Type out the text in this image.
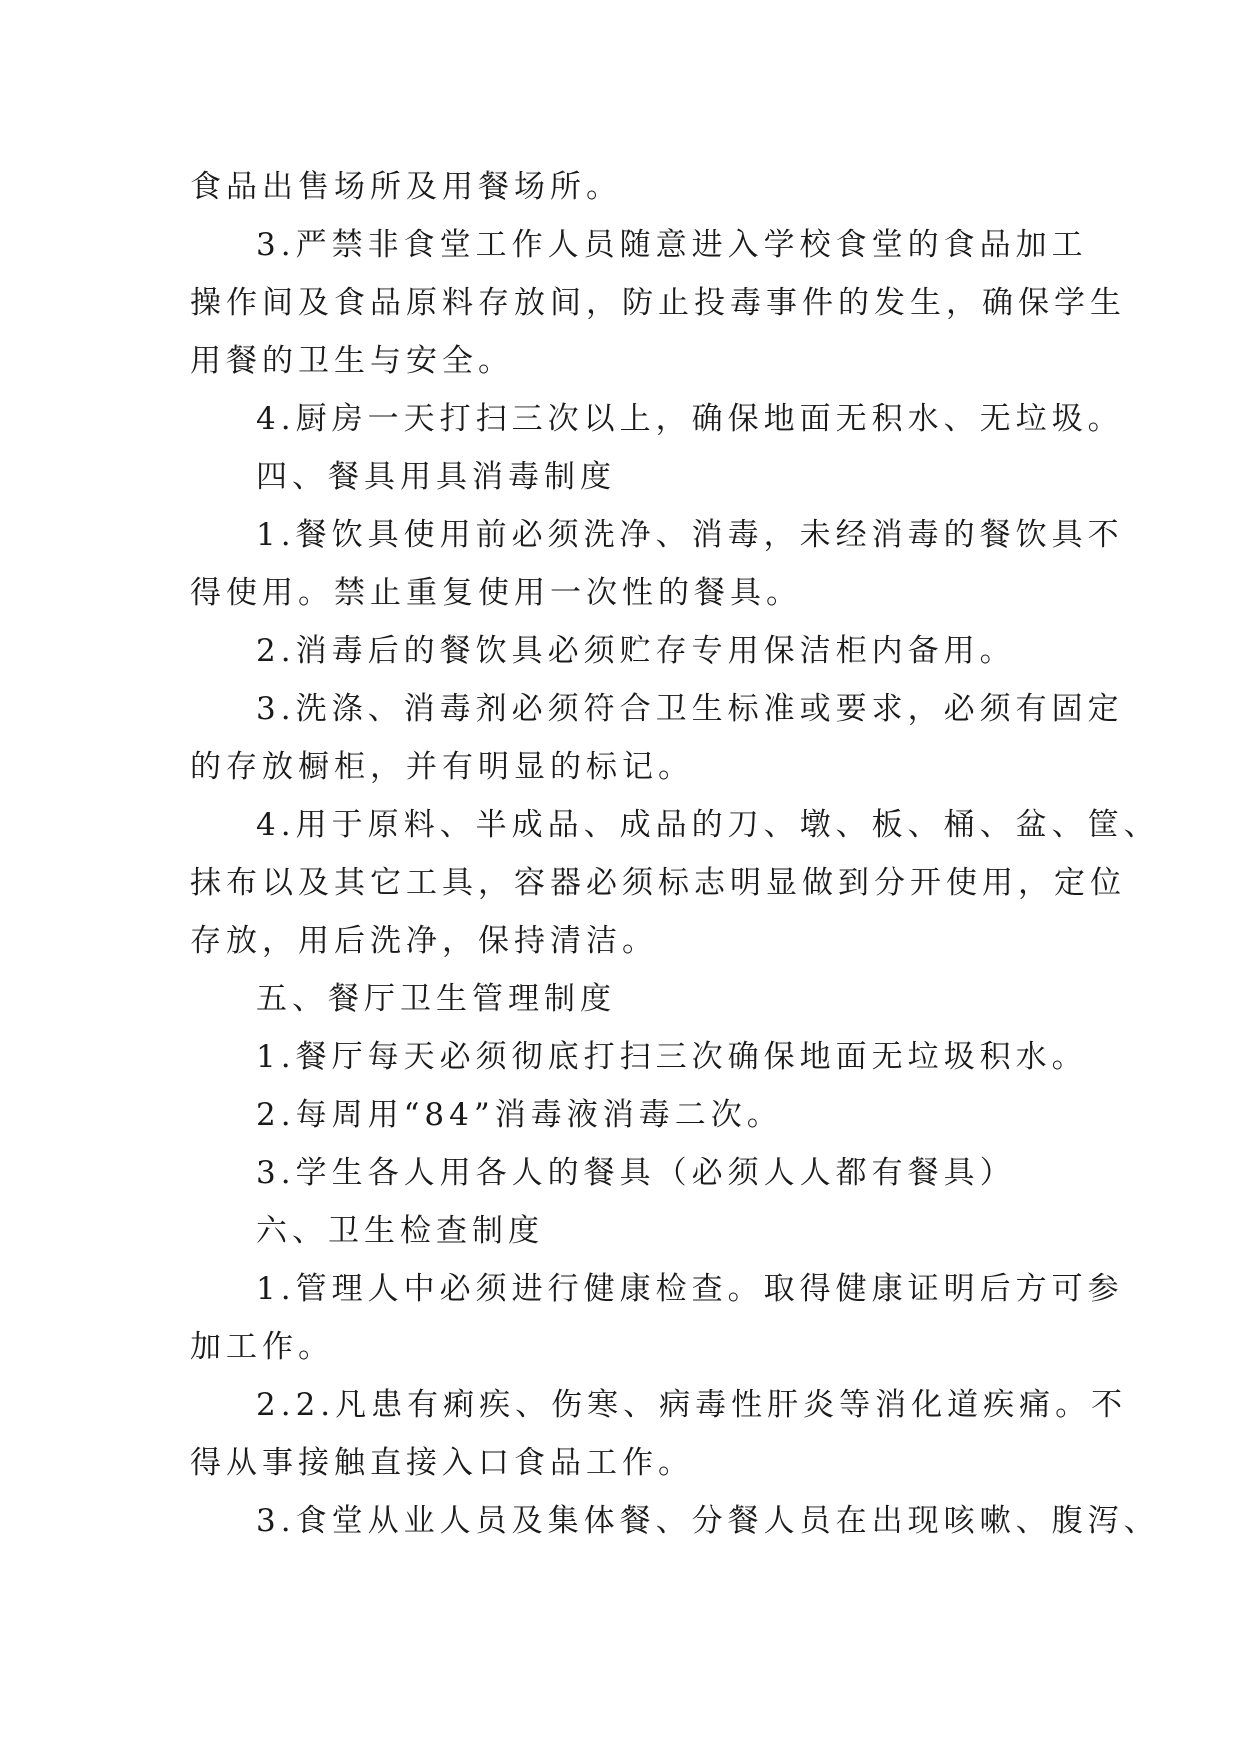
食品出售场所及用餐场所。
3.严禁非食堂工作人员随意进入学校食堂的食品加工
操作间及食品原料存放间，防止投毒事件的发生，确保学生
用餐的卫生与安全。
4.厨房一天打扫三次以上，确保地面无积水、无垃圾。
四、餐具用具消毒制度
1.餐饮具使用前必须洗净、消毒，未经消毒的餐饮具不
得使用。禁止重复使用一次性的餐具。
2.消毒后的餐饮具必须贮存专用保洁柜内备用。
3.洗涤、消毒剂必须符合卫生标准或要求，必须有固定
的存放橱柜，并有明显的标记。
4.用于原料、半成品、成品的刀、墩、板、桶、盆、筐、
抹布以及其它工具，容器必须标志明显做到分开使用，定位
存放，用后洗净，保持清洁。
五、餐厅卫生管理制度
1.餐厅每天必须彻底打扫三次确保地面无垃圾积水。
2.每周用“84”消毒液消毒二次。
3.学生各人用各人的餐具（必须人人都有餐具）
六、卫生检查制度
1.管理人中必须进行健康检查。取得健康证明后方可参
加工作。
2.2.凡患有痢疾、伤寒、病毒性肝炎等消化道疾痛。不
得从事接触直接入口食品工作。
3.食堂从业人员及集体餐、分餐人员在出现咳嗽、腹泻、
